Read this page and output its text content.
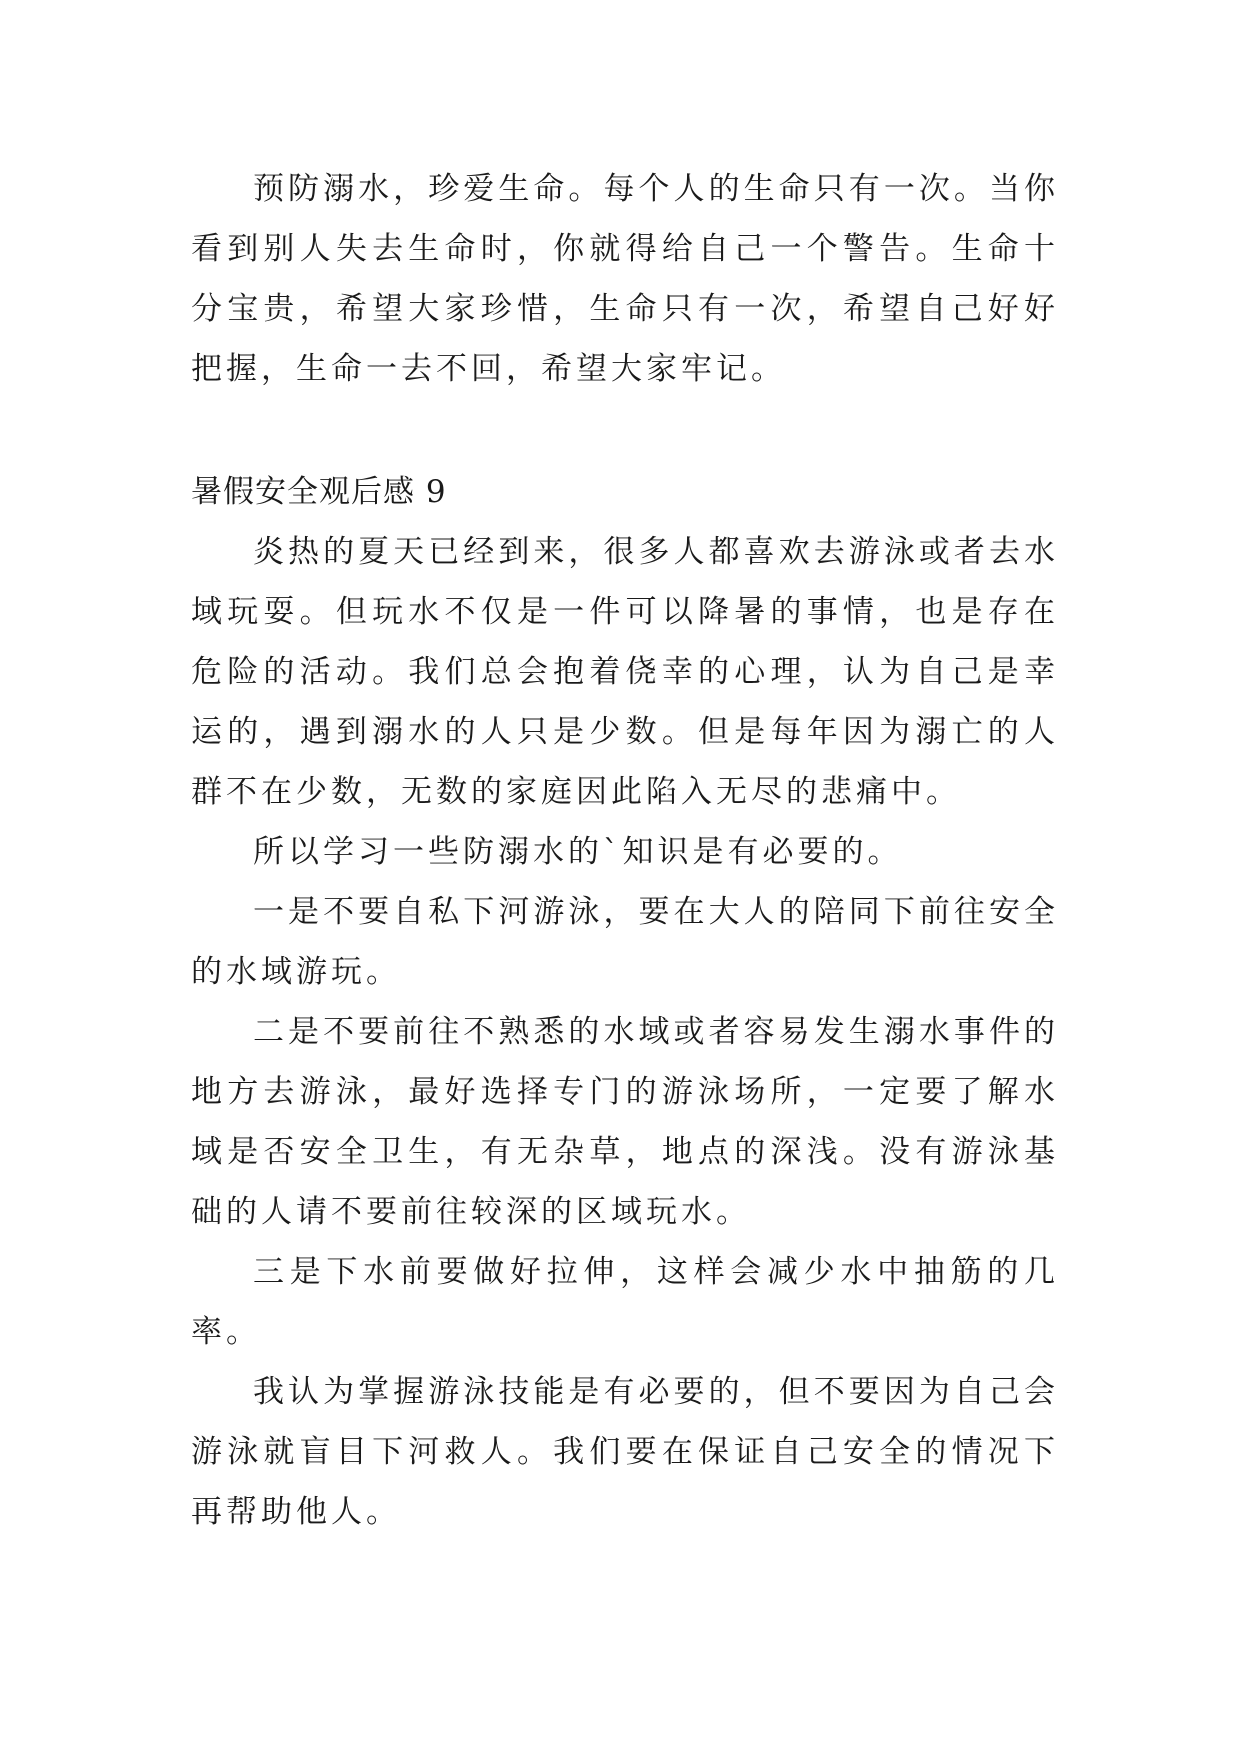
预防溺水，珍爱生命。每个人的生命只有一次。当你看到别人失去生命时，你就得给自己一个警告。生命十分宝贵，希望大家珍惜，生命只有一次，希望自己好好把握，生命一去不回，希望大家牢记。

暑假安全观后感 9

炎热的夏天已经到来，很多人都喜欢去游泳或者去水域玩耍。但玩水不仅是一件可以降暑的事情，也是存在危险的活动。我们总会抱着侥幸的心理，认为自己是幸运的，遇到溺水的人只是少数。但是每年因为溺亡的人群不在少数，无数的家庭因此陷入无尽的悲痛中。

所以学习一些防溺水的`知识是有必要的。

一是不要自私下河游泳，要在大人的陪同下前往安全的水域游玩。

二是不要前往不熟悉的水域或者容易发生溺水事件的地方去游泳，最好选择专门的游泳场所，一定要了解水域是否安全卫生，有无杂草，地点的深浅。没有游泳基础的人请不要前往较深的区域玩水。

三是下水前要做好拉伸，这样会减少水中抽筋的几率。

我认为掌握游泳技能是有必要的，但不要因为自己会游泳就盲目下河救人。我们要在保证自己安全的情况下再帮助他人。
